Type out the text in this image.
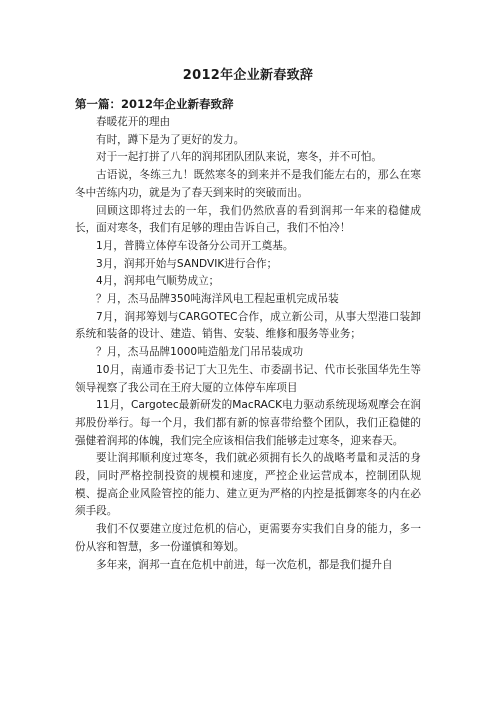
2012年企业新春致辞
第一篇：2012年企业新春致辞

春暖花开的理由

有时，蹲下是为了更好的发力。

对于一起打拼了八年的润邦团队团队来说，寒冬，并不可怕。

古语说，冬练三九！既然寒冬的到来并不是我们能左右的，那么在寒冬中苦练内功，就是为了春天到来时的突破而出。

回顾这即将过去的一年，我们仍然欣喜的看到润邦一年来的稳健成长，面对寒冬，我们有足够的理由告诉自己，我们不怕冷！

1月，普腾立体停车设备分公司开工奠基。

3月，润邦开始与SANDVIK进行合作；

4月，润邦电气顺势成立；

？月，杰马品牌350吨海洋风电工程起重机完成吊装

7月，润邦筹划与CARGOTEC合作，成立新公司，从事大型港口装卸系统和装备的设计、建造、销售、安装、维修和服务等业务；

？月，杰马品牌1000吨造船龙门吊吊装成功

10月，南通市委书记丁大卫先生、市委副书记、代市长张国华先生等领导视察了我公司在王府大厦的立体停车库项目

11月，Cargotec最新研发的MacRACK电力驱动系统现场观摩会在润邦股份举行。每一个月，我们都有新的惊喜带给整个团队，我们正稳健的强健着润邦的体魄，我们完全应该相信我们能够走过寒冬，迎来春天。

要让润邦顺利度过寒冬，我们就必须拥有长久的战略考量和灵活的身段，同时严格控制投资的规模和速度，严控企业运营成本，控制团队规模、提高企业风险管控的能力、建立更为严格的内控是抵御寒冬的内在必须手段。

我们不仅要建立度过危机的信心，更需要夯实我们自身的能力，多一份从容和智慧，多一份谨慎和筹划。

多年来，润邦一直在危机中前进，每一次危机，都是我们提升自
